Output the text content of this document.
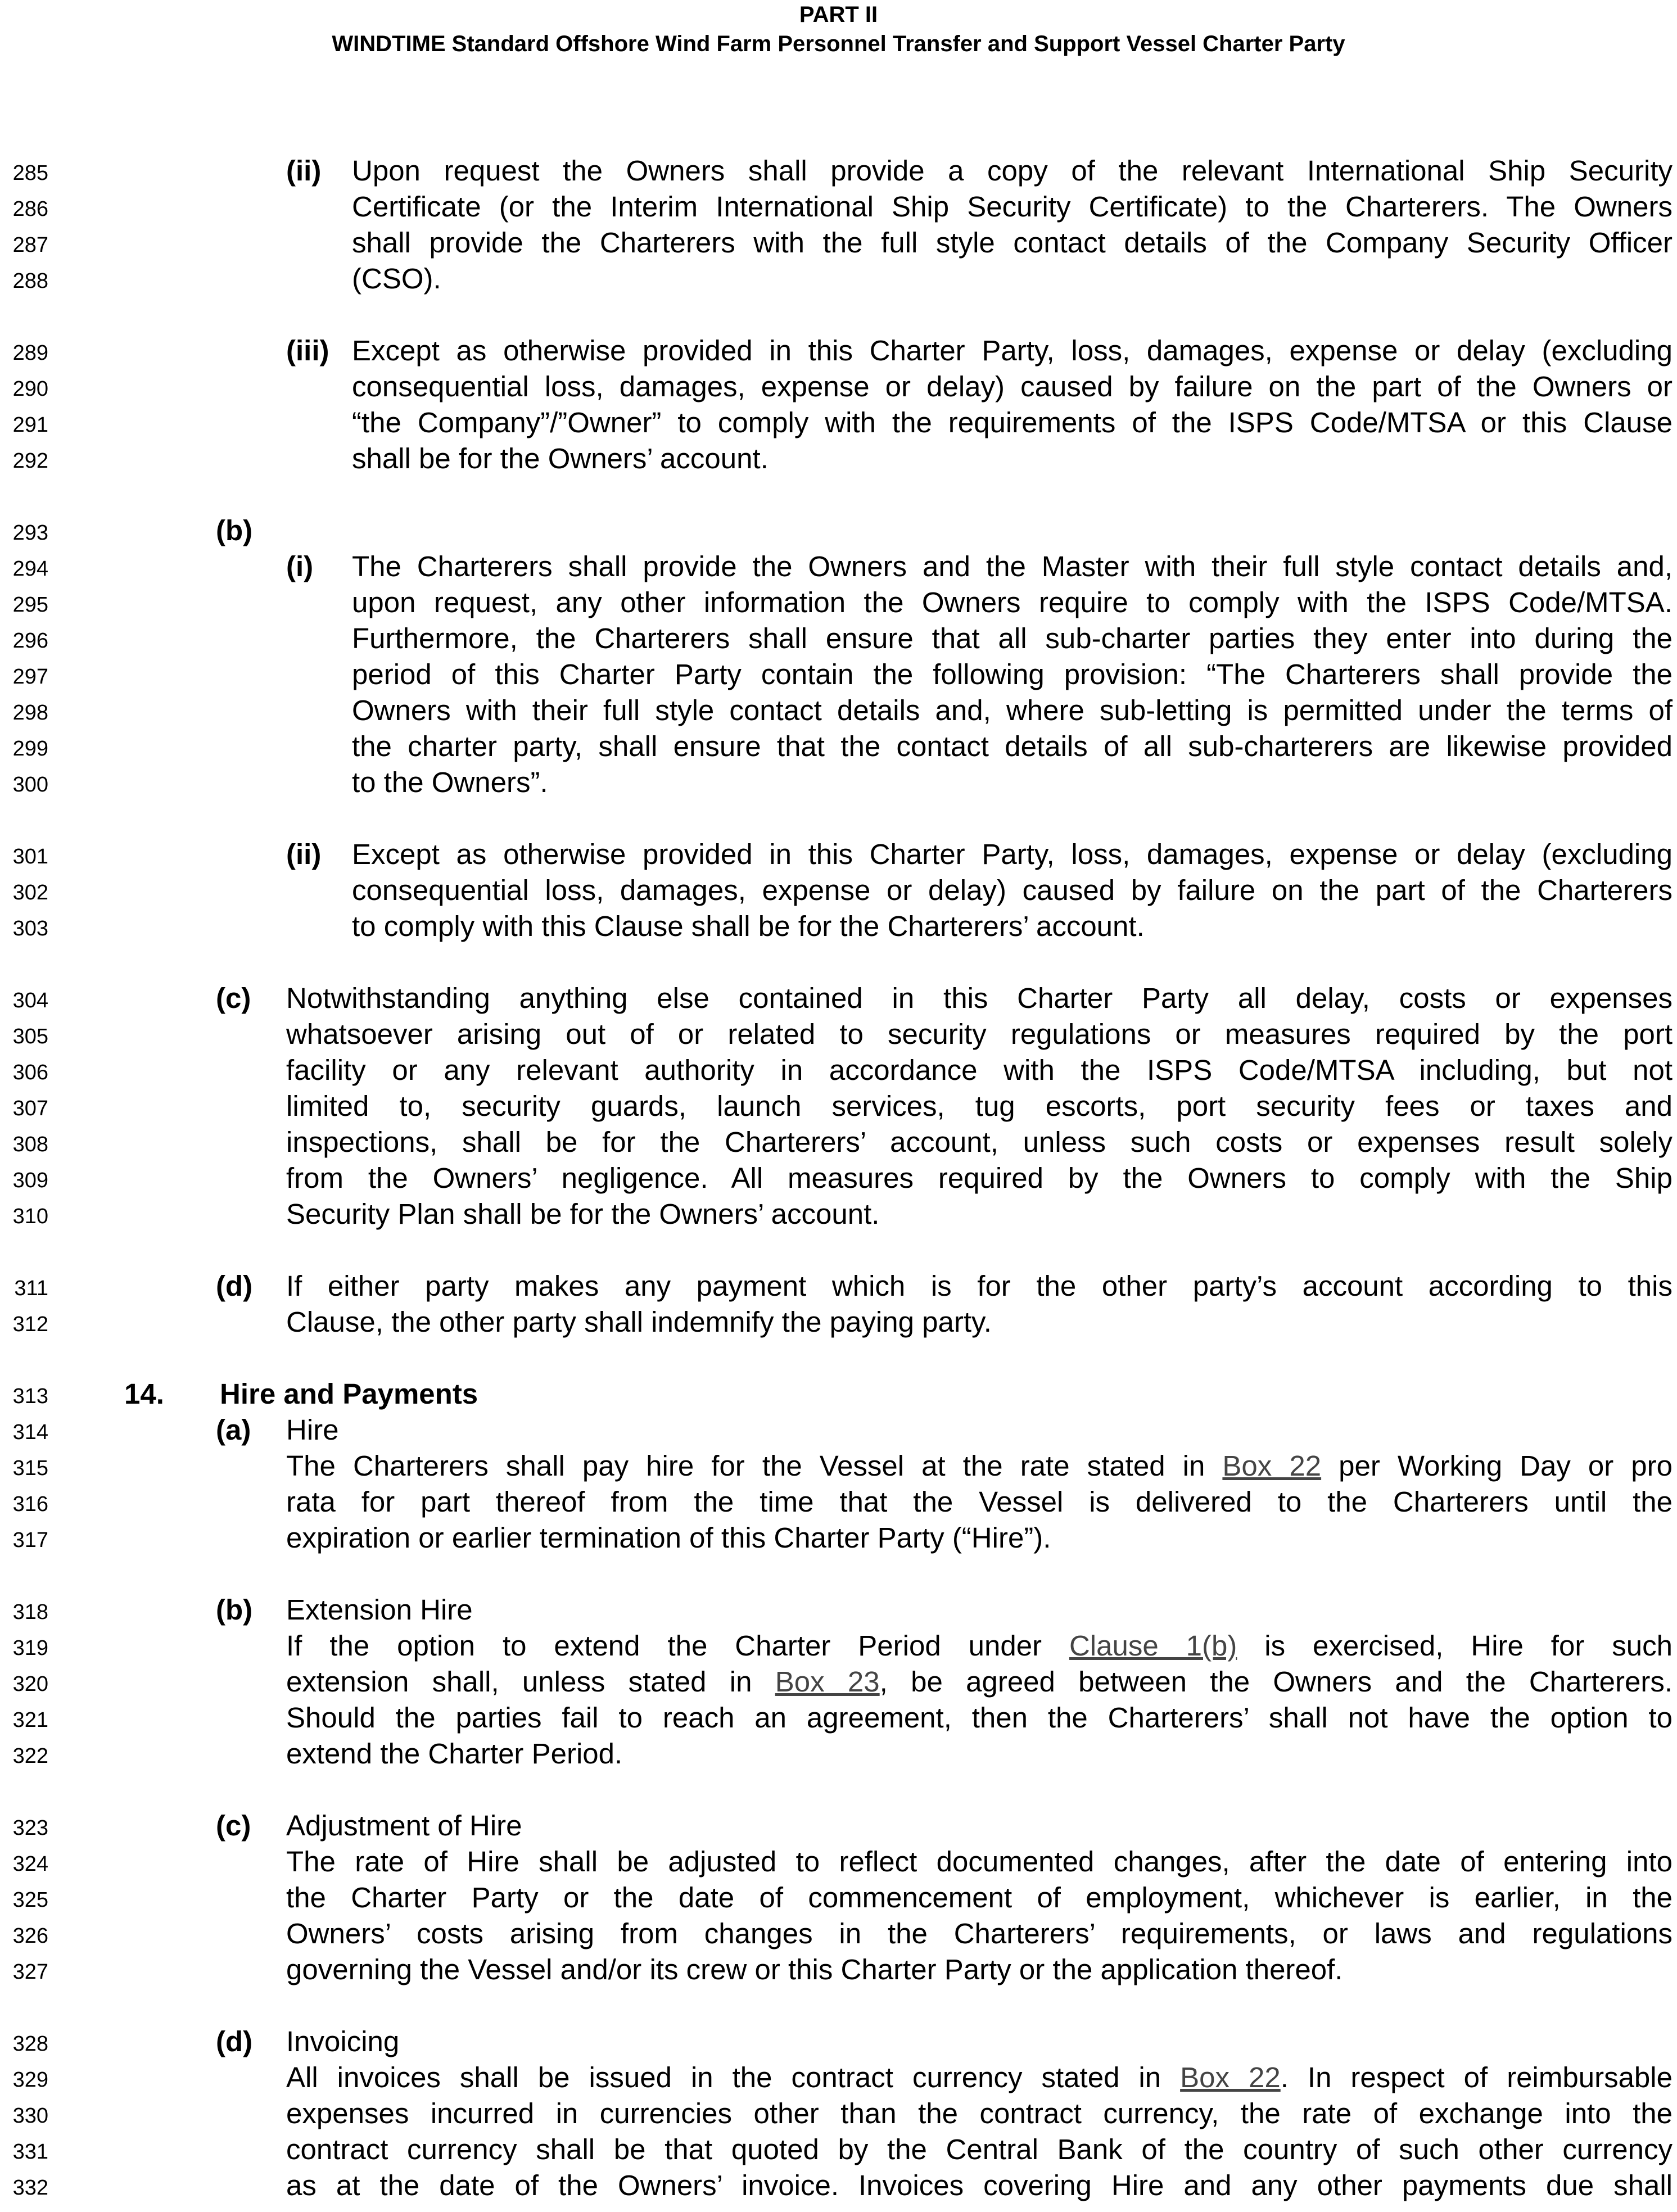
PART II
WINDTIME Standard Offshore Wind Farm Personnel Transfer and Support Vessel Charter Party
285	(ii) Upon request the Owners shall provide a copy of the relevant International Ship Security
286	Certificate (or the Interim International Ship Security Certificate) to the Charterers. The Owners
287	shall provide the Charterers with the full style contact details of the Company Security Officer
288	(CSO).
289	(iii) Except as otherwise provided in this Charter Party, loss, damages, expense or delay (excluding
290	consequential loss, damages, expense or delay) caused by failure on the part of the Owners or
291	“the Company”/”Owner” to comply with the requirements of the ISPS Code/MTSA or this Clause
292	shall be for the Owners’ account.
293	(b)
294	(i) The Charterers shall provide the Owners and the Master with their full style contact details and,
295	upon request, any other information the Owners require to comply with the ISPS Code/MTSA.
296	Furthermore, the Charterers shall ensure that all sub-charter parties they enter into during the
297	period of this Charter Party contain the following provision: “The Charterers shall provide the
298	Owners with their full style contact details and, where sub-letting is permitted under the terms of
299	the charter party, shall ensure that the contact details of all sub-charterers are likewise provided
300	to the Owners”.
301	(ii) Except as otherwise provided in this Charter Party, loss, damages, expense or delay (excluding
302	consequential loss, damages, expense or delay) caused by failure on the part of the Charterers
303	to comply with this Clause shall be for the Charterers’ account.
304	(c) Notwithstanding anything else contained in this Charter Party all delay, costs or expenses
305	whatsoever arising out of or related to security regulations or measures required by the port
306	facility or any relevant authority in accordance with the ISPS Code/MTSA including, but not
307	limited to, security guards, launch services, tug escorts, port security fees or taxes and
308	inspections, shall be for the Charterers’ account, unless such costs or expenses result solely
309	from the Owners’ negligence. All measures required by the Owners to comply with the Ship
310	Security Plan shall be for the Owners’ account.
311	(d) If either party makes any payment which is for the other party’s account according to this
312	Clause, the other party shall indemnify the paying party.
313	14. Hire and Payments
314	(a) Hire
315	The Charterers shall pay hire for the Vessel at the rate stated in Box 22 per Working Day or pro
316	rata for part thereof from the time that the Vessel is delivered to the Charterers until the
317	expiration or earlier termination of this Charter Party (“Hire”).
318	(b) Extension Hire
319	If the option to extend the Charter Period under Clause 1(b) is exercised, Hire for such
320	extension shall, unless stated in Box 23, be agreed between the Owners and the Charterers.
321	Should the parties fail to reach an agreement, then the Charterers’ shall not have the option to
322	extend the Charter Period.
323	(c) Adjustment of Hire
324	The rate of Hire shall be adjusted to reflect documented changes, after the date of entering into
325	the Charter Party or the date of commencement of employment, whichever is earlier, in the
326	Owners’ costs arising from changes in the Charterers’ requirements, or laws and regulations
327	governing the Vessel and/or its crew or this Charter Party or the application thereof.
328	(d) Invoicing
329	All invoices shall be issued in the contract currency stated in Box 22. In respect of reimbursable
330	expenses incurred in currencies other than the contract currency, the rate of exchange into the
331	contract currency shall be that quoted by the Central Bank of the country of such other currency
332	as at the date of the Owners’ invoice. Invoices covering Hire and any other payments due shall
